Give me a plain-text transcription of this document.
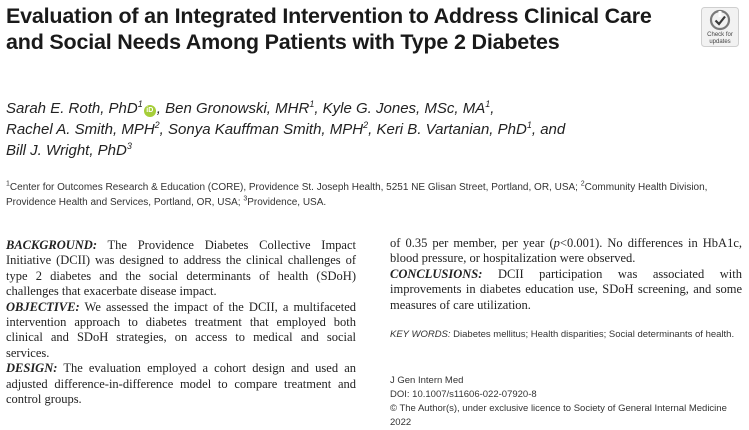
Evaluation of an Integrated Intervention to Address Clinical Care and Social Needs Among Patients with Type 2 Diabetes	Check for
updates
Sarah E. Roth, PhD$^1$iD , Ben Gronowski, MHR$^1$, Kyle G. Jones, MSc, $MA^1$,
Rachel A. Smith, MPH$^2$, Sonya Kauffman Smith, MPH$^2$, Keri B. Vartanian, PhD$^1$, and
Bill J. Wright, PhD$^3$
$^1$Center for Outcomes Research & Education (CORE), Providence St. Joseph Health, 5251 NE Glisan Street, Portland, OR, USA; $^2$Community Health Division, Providence Health and Services, Portland, OR, USA; $^3$Providence, USA.

BACKGROUND: The Providence Diabetes Collective Impact Initiative (DCII) was designed to address the clinical challenges of type 2 diabetes and the social determinants of health (SDoH) challenges that exacerbate disease impact.

OBJECTIVE: We assessed the impact of the DCII, a multifaceted intervention approach to diabetes treatment that employed both clinical and SDoH strategies, on access to medical and social services.

DESIGN: The evaluation employed a cohort design and used an adjusted difference-in-difference model to compare treatment and control groups.

of 0.35 per member, per year (p<0.001). No differences in HbA1c, blood pressure, or hospitalization were observed.

CONCLUSIONS: DCII participation was associated with improvements in diabetes education use, SDoH screening, and some measures of care utilization.

KEY WORDS: Diabetes mellitus; Health disparities; Social determinants of health.
J Gen Intern Med
DOI: 10.1007/s11606-022-07920-8
© The Author(s), under exclusive licence to Society of General Internal Medicine 2022
